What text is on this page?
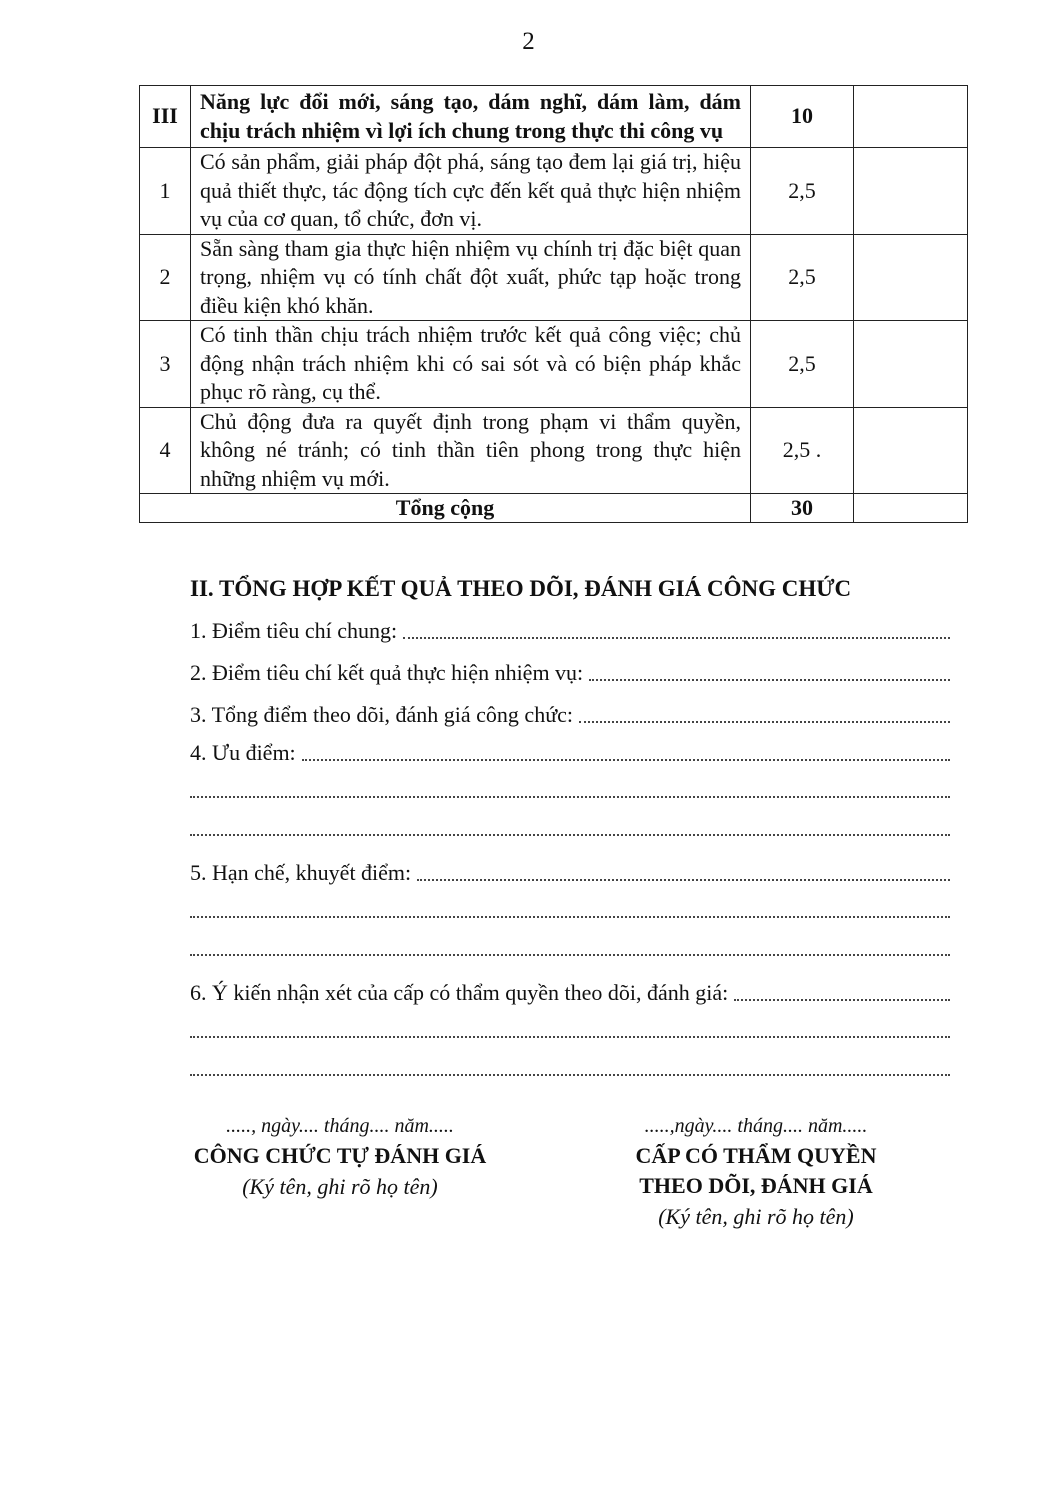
2
III	Năng lực đổi mới, sáng tạo, dám nghĩ, dám làm, dám chịu trách nhiệm vì lợi ích chung trong thực thi công vụ	10	
1	Có sản phẩm, giải pháp đột phá, sáng tạo đem lại giá trị, hiệu quả thiết thực, tác động tích cực đến kết quả thực hiện nhiệm vụ của cơ quan, tổ chức, đơn vị.	2,5	
2	Sẵn sàng tham gia thực hiện nhiệm vụ chính trị đặc biệt quan trọng, nhiệm vụ có tính chất đột xuất, phức tạp hoặc trong điều kiện khó khăn.	2,5	
3	Có tinh thần chịu trách nhiệm trước kết quả công việc; chủ động nhận trách nhiệm khi có sai sót và có biện pháp khắc phục rõ ràng, cụ thể.	2,5	
4	Chủ động đưa ra quyết định trong phạm vi thẩm quyền, không né tránh; có tinh thần tiên phong trong thực hiện những nhiệm vụ mới.	2,5 .	
Tổng cộng		30	
II. TỔNG HỢP KẾT QUẢ THEO DÕI, ĐÁNH GIÁ CÔNG CHỨC
1. Điểm tiêu chí chung:
2. Điểm tiêu chí kết quả thực hiện nhiệm vụ:
3. Tổng điểm theo dõi, đánh giá công chức:
4. Ưu điểm:
5. Hạn chế, khuyết điểm:
6. Ý kiến nhận xét của cấp có thẩm quyền theo dõi, đánh giá:
....., ngày.... tháng.... năm.....
CÔNG CHỨC TỰ ĐÁNH GIÁ
(Ký tên, ghi rõ họ tên)
.....,ngày.... tháng.... năm.....
CẤP CÓ THẨM QUYỀN
THEO DÕI, ĐÁNH GIÁ
(Ký tên, ghi rõ họ tên)
